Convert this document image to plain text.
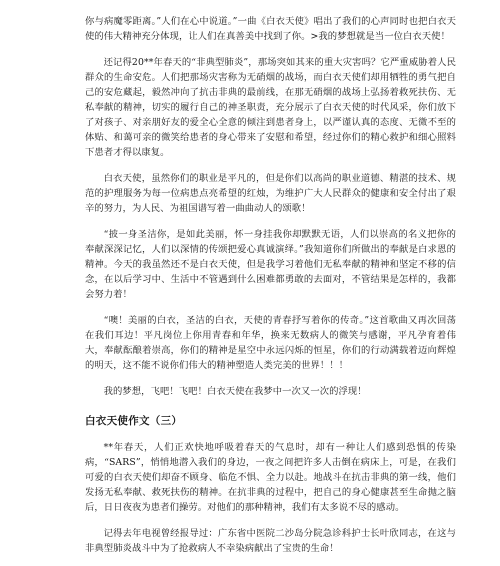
你与病魔零距离。”人们在心中说道。”一曲《白衣天使》唱出了我们的心声同时也把白衣天使的伟大精神充分体现，让人们在真善美中找到了你。>我的梦想就是当一位白衣天使！

还记得20**年春天的“非典型肺炎”，那场突如其来的重大灾害吗？它严重威胁着人民群众的生命安危。人们把那场灾害称为无硝烟的战场，而白衣天使们却用牺牲的勇气把自己的安危藏起，毅然冲向了抗击非典的最前线，在那无硝烟的战场上弘扬着救死扶伤、无私奉献的精神，切实的履行自己的神圣职责，充分展示了白衣天使的时代风采，你们放下了对孩子、对亲朋好友的爱全心全意的倾注到患者身上，以严谨认真的态度、无微不至的体贴、和蔼可亲的微笑给患者的身心带来了安慰和希望，经过你们的精心救护和细心照料下患者才得以康复。

白衣天使，虽然你们的职业是平凡的，但是你们以高尚的职业道德、精湛的技术、规范的护理服务为每一位病患点亮希望的红烛，为维护广大人民群众的健康和安全付出了艰辛的努力，为人民、为祖国谱写着一曲曲动人的颂歌！

“披一身圣洁你，是如此美丽，怀一身挂我你却默默无语，人们以崇高的名义把你的奉献深深记忆，人们以深情的传颂把爱心真诚演绎。”我知道你们所做出的奉献是白求恩的精神。今天的我虽然还不是白衣天使，但是我学习着他们无私奉献的精神和坚定不移的信念，在以后学习中、生活中不管遇到什么困难都勇敢的去面对，不管结果是怎样的，我都会努力着！

“噢！美丽的白衣，圣洁的白衣，天使的青春抒写着你的传奇。”这首歌曲又再次回荡在我们耳边！平凡岗位上你用青春和年华，换来无数病人的微笑与感谢，平凡孕育着伟大，奉献酝酿着崇高，你们的精神是星空中永远闪烁的恒星，你们的行动满载着迈向辉煌的明天，这不能不说你们伟大的精神塑造人类完美的世界！！！

我的梦想，飞吧！飞吧！白衣天使在我梦中一次又一次的浮现！

白衣天使作文（三）

**年春天，人们正欢快地呼吸着春天的气息时，却有一种让人们感到恐惧的传染病，“SARS”，悄悄地潜入我们的身边，一夜之间把许多人击倒在病床上，可是，在我们可爱的白衣天使们却奋不顾身、临危不惧、全力以赴。地战斗在抗击非典的第一线，他们发扬无私奉献、救死扶伤的精神。在抗非典的过程中，把自己的身心健康甚至生命抛之脑后，日日夜夜为患者们操劳。对他们的那种精神，我们有太多说不尽的感动。

记得去年电视曾经报导过：广东省中医院二沙岛分院急诊科护士长叶欣同志，在这与非典型肺炎战斗中为了抢救病人不幸染病献出了宝贵的生命！
